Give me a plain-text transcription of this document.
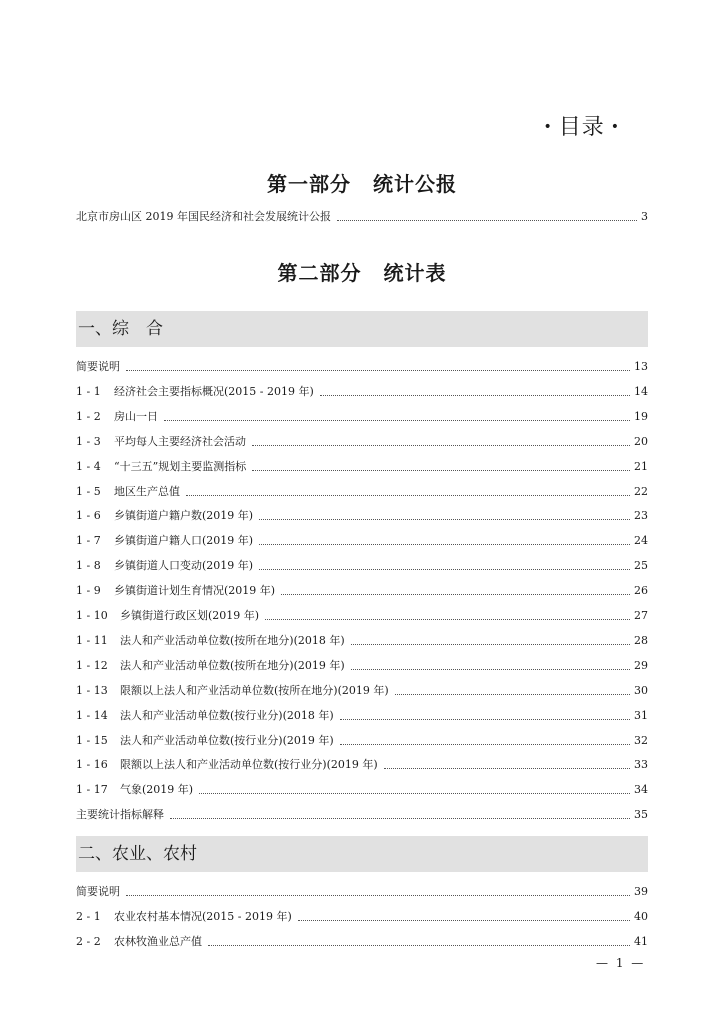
• 目录 •
第一部分 统计公报
北京市房山区 2019 年国民经济和社会发展统计公报	3
第二部分 统计表
一、综　合
简要说明	13
1 - 1	经济社会主要指标概况(2015 - 2019 年)	14
1 - 2	房山一日	19
1 - 3	平均每人主要经济社会活动	20
1 - 4	“十三五”规划主要监测指标	21
1 - 5	地区生产总值	22
1 - 6	乡镇街道户籍户数(2019 年)	23
1 - 7	乡镇街道户籍人口(2019 年)	24
1 - 8	乡镇街道人口变动(2019 年)	25
1 - 9	乡镇街道计划生育情况(2019 年)	26
1 - 10	乡镇街道行政区划(2019 年)	27
1 - 11	法人和产业活动单位数(按所在地分)(2018 年)	28
1 - 12	法人和产业活动单位数(按所在地分)(2019 年)	29
1 - 13	限额以上法人和产业活动单位数(按所在地分)(2019 年)	30
1 - 14	法人和产业活动单位数(按行业分)(2018 年)	31
1 - 15	法人和产业活动单位数(按行业分)(2019 年)	32
1 - 16	限额以上法人和产业活动单位数(按行业分)(2019 年)	33
1 - 17	气象(2019 年)	34
主要统计指标解释	35
二、农业、农村
简要说明	39
2 - 1	农业农村基本情况(2015 - 2019 年)	40
2 - 2	农林牧渔业总产值	41
— 1 —
